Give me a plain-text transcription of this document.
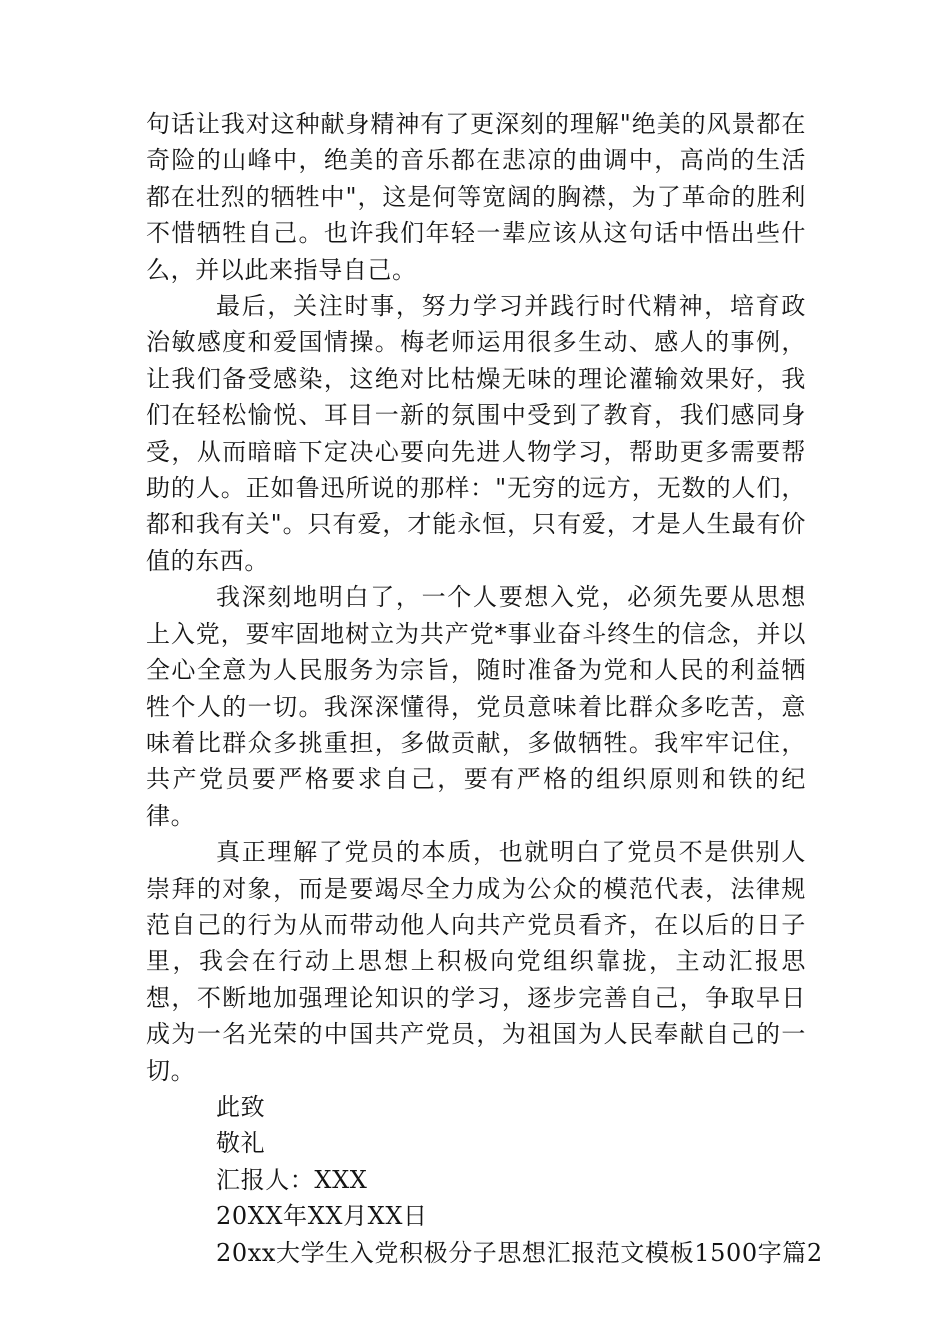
句话让我对这种献身精神有了更深刻的理解"绝美的风景都在奇险的山峰中，绝美的音乐都在悲凉的曲调中，高尚的生活都在壮烈的牺牲中"，这是何等宽阔的胸襟，为了革命的胜利不惜牺牲自己。也许我们年轻一辈应该从这句话中悟出些什么，并以此来指导自己。

最后，关注时事，努力学习并践行时代精神，培育政治敏感度和爱国情操。梅老师运用很多生动、感人的事例，让我们备受感染，这绝对比枯燥无味的理论灌输效果好，我们在轻松愉悦、耳目一新的氛围中受到了教育，我们感同身受，从而暗暗下定决心要向先进人物学习，帮助更多需要帮助的人。正如鲁迅所说的那样："无穷的远方，无数的人们，都和我有关"。只有爱，才能永恒，只有爱，才是人生最有价值的东西。

我深刻地明白了，一个人要想入党，必须先要从思想上入党，要牢固地树立为共产党*事业奋斗终生的信念，并以全心全意为人民服务为宗旨，随时准备为党和人民的利益牺牲个人的一切。我深深懂得，党员意味着比群众多吃苦，意味着比群众多挑重担，多做贡献，多做牺牲。我牢牢记住，共产党员要严格要求自己，要有严格的组织原则和铁的纪律。

真正理解了党员的本质，也就明白了党员不是供别人崇拜的对象，而是要竭尽全力成为公众的模范代表，法律规范自己的行为从而带动他人向共产党员看齐，在以后的日子里，我会在行动上思想上积极向党组织靠拢，主动汇报思想，不断地加强理论知识的学习，逐步完善自己，争取早日成为一名光荣的中国共产党员，为祖国为人民奉献自己的一切。

此致

敬礼

汇报人：XXX

20XX年XX月XX日

20xx大学生入党积极分子思想汇报范文模板1500字篇2
